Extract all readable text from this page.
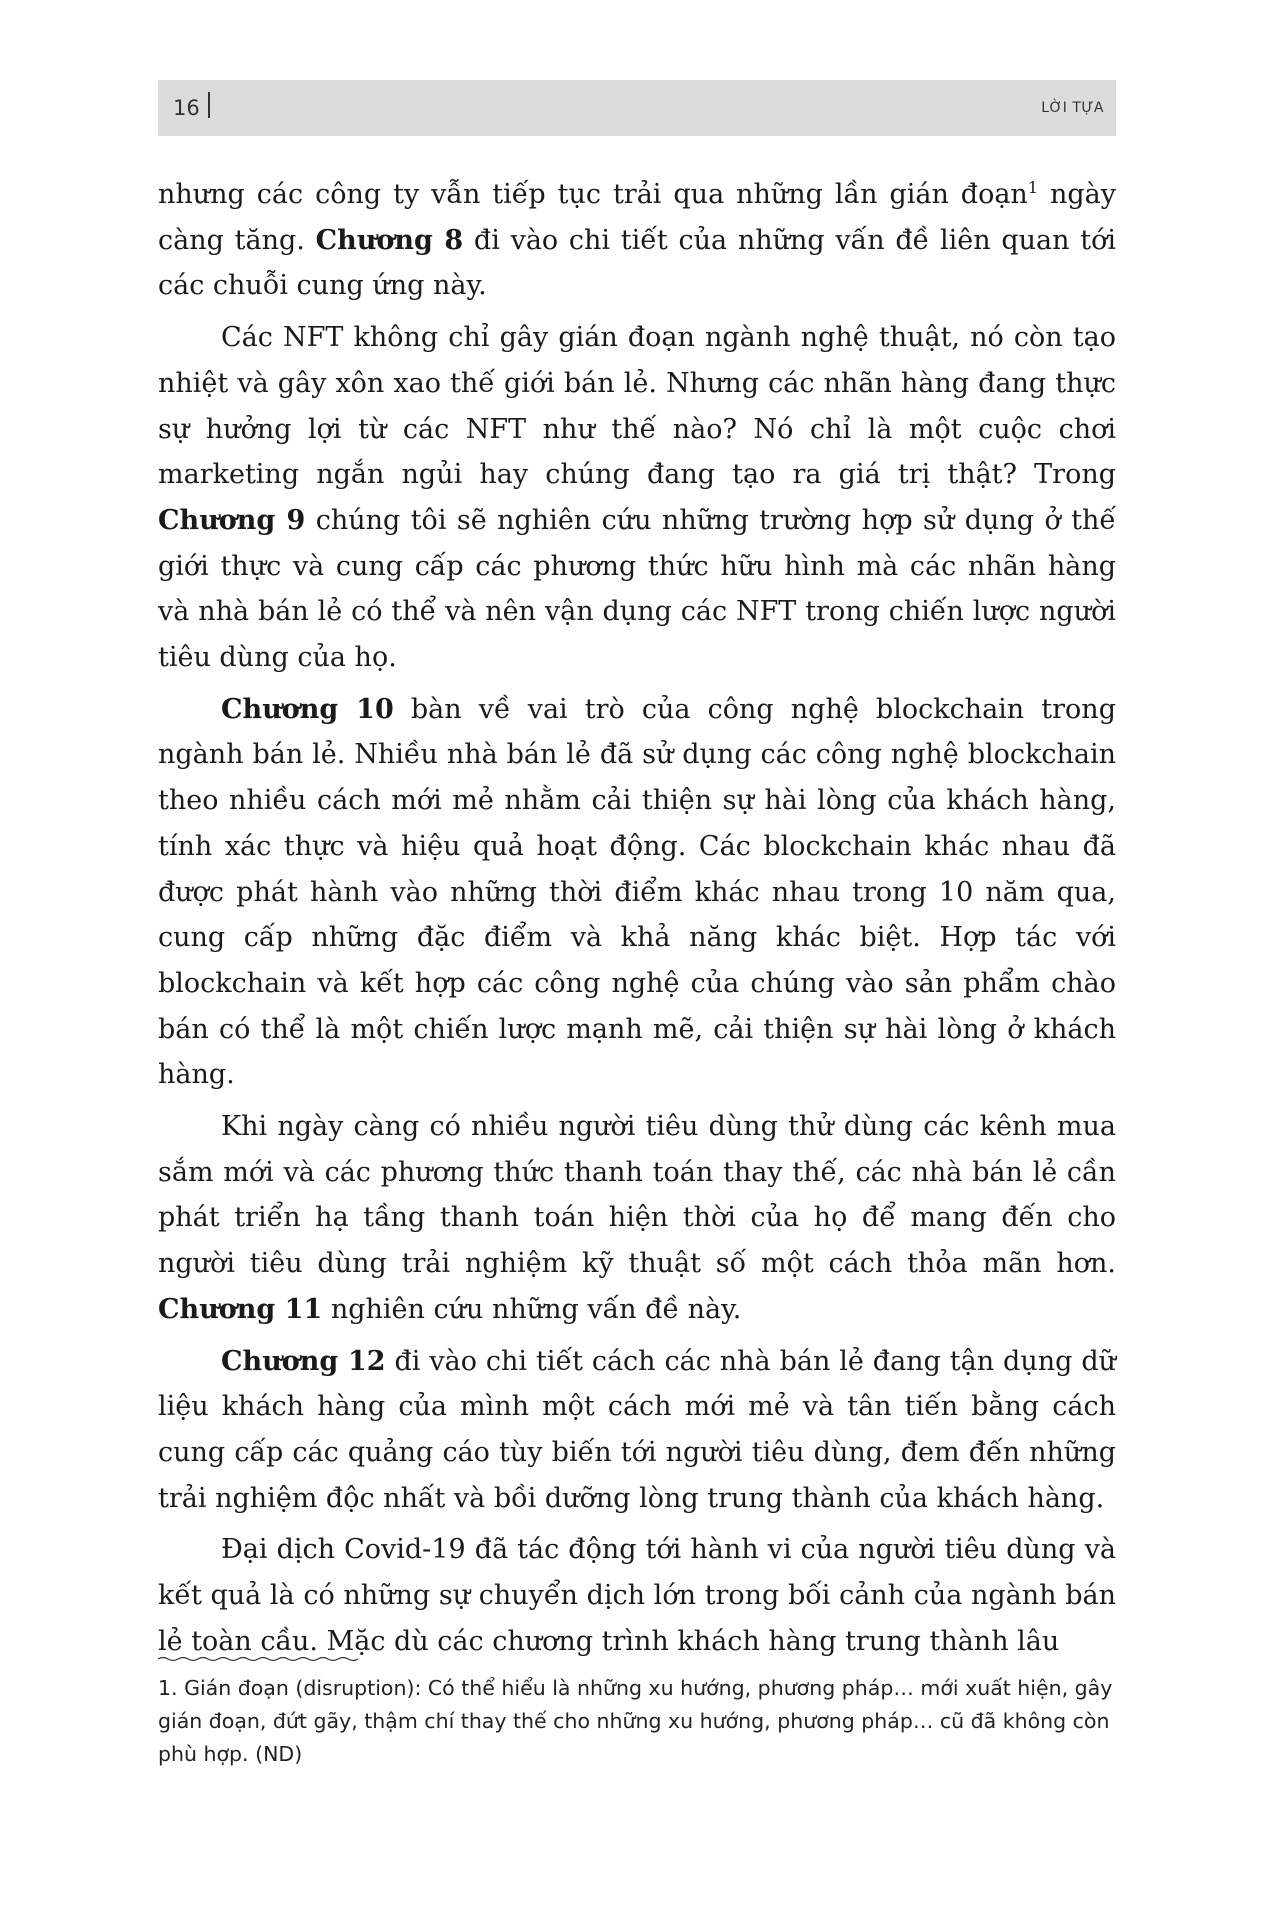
16	LỜI TỰA

nhưng các công ty vẫn tiếp tục trải qua những lần gián đoạn$^1$ ngày càng tăng. Chương 8 đi vào chi tiết của những vấn đề liên quan tới các chuỗi cung ứng này.

Các NFT không chỉ gây gián đoạn ngành nghệ thuật, nó còn tạo nhiệt và gây xôn xao thế giới bán lẻ. Nhưng các nhãn hàng đang thực sự hưởng lợi từ các NFT như thế nào? Nó chỉ là một cuộc chơi marketing ngắn ngủi hay chúng đang tạo ra giá trị thật? Trong Chương 9 chúng tôi sẽ nghiên cứu những trường hợp sử dụng ở thế giới thực và cung cấp các phương thức hữu hình mà các nhãn hàng và nhà bán lẻ có thể và nên vận dụng các NFT trong chiến lược người tiêu dùng của họ.

Chương 10 bàn về vai trò của công nghệ blockchain trong ngành bán lẻ. Nhiều nhà bán lẻ đã sử dụng các công nghệ blockchain theo nhiều cách mới mẻ nhằm cải thiện sự hài lòng của khách hàng, tính xác thực và hiệu quả hoạt động. Các blockchain khác nhau đã được phát hành vào những thời điểm khác nhau trong 10 năm qua, cung cấp những đặc điểm và khả năng khác biệt. Hợp tác với blockchain và kết hợp các công nghệ của chúng vào sản phẩm chào bán có thể là một chiến lược mạnh mẽ, cải thiện sự hài lòng ở khách hàng.

Khi ngày càng có nhiều người tiêu dùng thử dùng các kênh mua sắm mới và các phương thức thanh toán thay thế, các nhà bán lẻ cần phát triển hạ tầng thanh toán hiện thời của họ để mang đến cho người tiêu dùng trải nghiệm kỹ thuật số một cách thỏa mãn hơn. Chương 11 nghiên cứu những vấn đề này.

Chương 12 đi vào chi tiết cách các nhà bán lẻ đang tận dụng dữ liệu khách hàng của mình một cách mới mẻ và tân tiến bằng cách cung cấp các quảng cáo tùy biến tới người tiêu dùng, đem đến những trải nghiệm độc nhất và bồi dưỡng lòng trung thành của khách hàng.

Đại dịch Covid-19 đã tác động tới hành vi của người tiêu dùng và kết quả là có những sự chuyển dịch lớn trong bối cảnh của ngành bán lẻ toàn cầu. Mặc dù các chương trình khách hàng trung thành lâu

1. Gián đoạn (disruption): Có thể hiểu là những xu hướng, phương pháp… mới xuất hiện, gây gián đoạn, đứt gãy, thậm chí thay thế cho những xu hướng, phương pháp… cũ đã không còn phù hợp. (ND)
